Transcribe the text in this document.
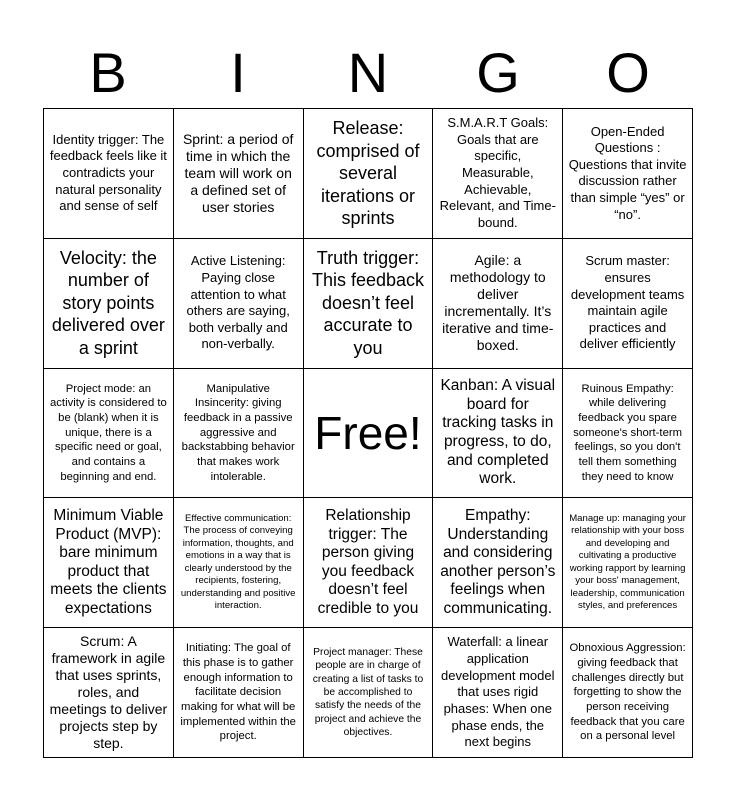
B	I	N	G	O
Identity trigger: The feedback feels like it contradicts your natural personality and sense of self
Sprint: a period of time in which the team will work on a defined set of user stories
Release: comprised of several iterations or sprints
S.M.A.R.T Goals: Goals that are specific, Measurable, Achievable, Relevant, and Time-bound.
Open-Ended Questions : Questions that invite discussion rather than simple “yes” or “no”.
Velocity: the number of story points delivered over a sprint
Active Listening: Paying close attention to what others are saying, both verbally and non-verbally.
Truth trigger: This feedback doesn’t feel accurate to you
Agile: a methodology to deliver incrementally. It’s iterative and time-boxed.
Scrum master: ensures development teams maintain agile practices and deliver efficiently
Project mode: an activity is considered to be (blank) when it is unique, there is a specific need or goal, and contains a beginning and end.
Manipulative Insincerity: giving feedback in a passive aggressive and backstabbing behavior that makes work intolerable.
Free!
Kanban: A visual board for tracking tasks in progress, to do, and completed work.
Ruinous Empathy: while delivering feedback you spare someone's short-term feelings, so you don't tell them something they need to know
Minimum Viable Product (MVP): bare minimum product that meets the clients expectations
Effective communication: The process of conveying information, thoughts, and emotions in a way that is clearly understood by the recipients, fostering, understanding and positive interaction.
Relationship trigger: The person giving you feedback doesn’t feel credible to you
Empathy: Understanding and considering another person’s feelings when communicating.
Manage up: managing your relationship with your boss and developing and cultivating a productive working rapport by learning your boss' management, leadership, communication styles, and preferences
Scrum: A framework in agile that uses sprints, roles, and meetings to deliver projects step by step.
Initiating: The goal of this phase is to gather enough information to facilitate decision making for what will be implemented within the project.
Project manager: These people are in charge of creating a list of tasks to be accomplished to satisfy the needs of the project and achieve the objectives.
Waterfall: a linear application development model that uses rigid phases: When one phase ends, the next begins
Obnoxious Aggression: giving feedback that challenges directly but forgetting to show the person receiving feedback that you care on a personal level
